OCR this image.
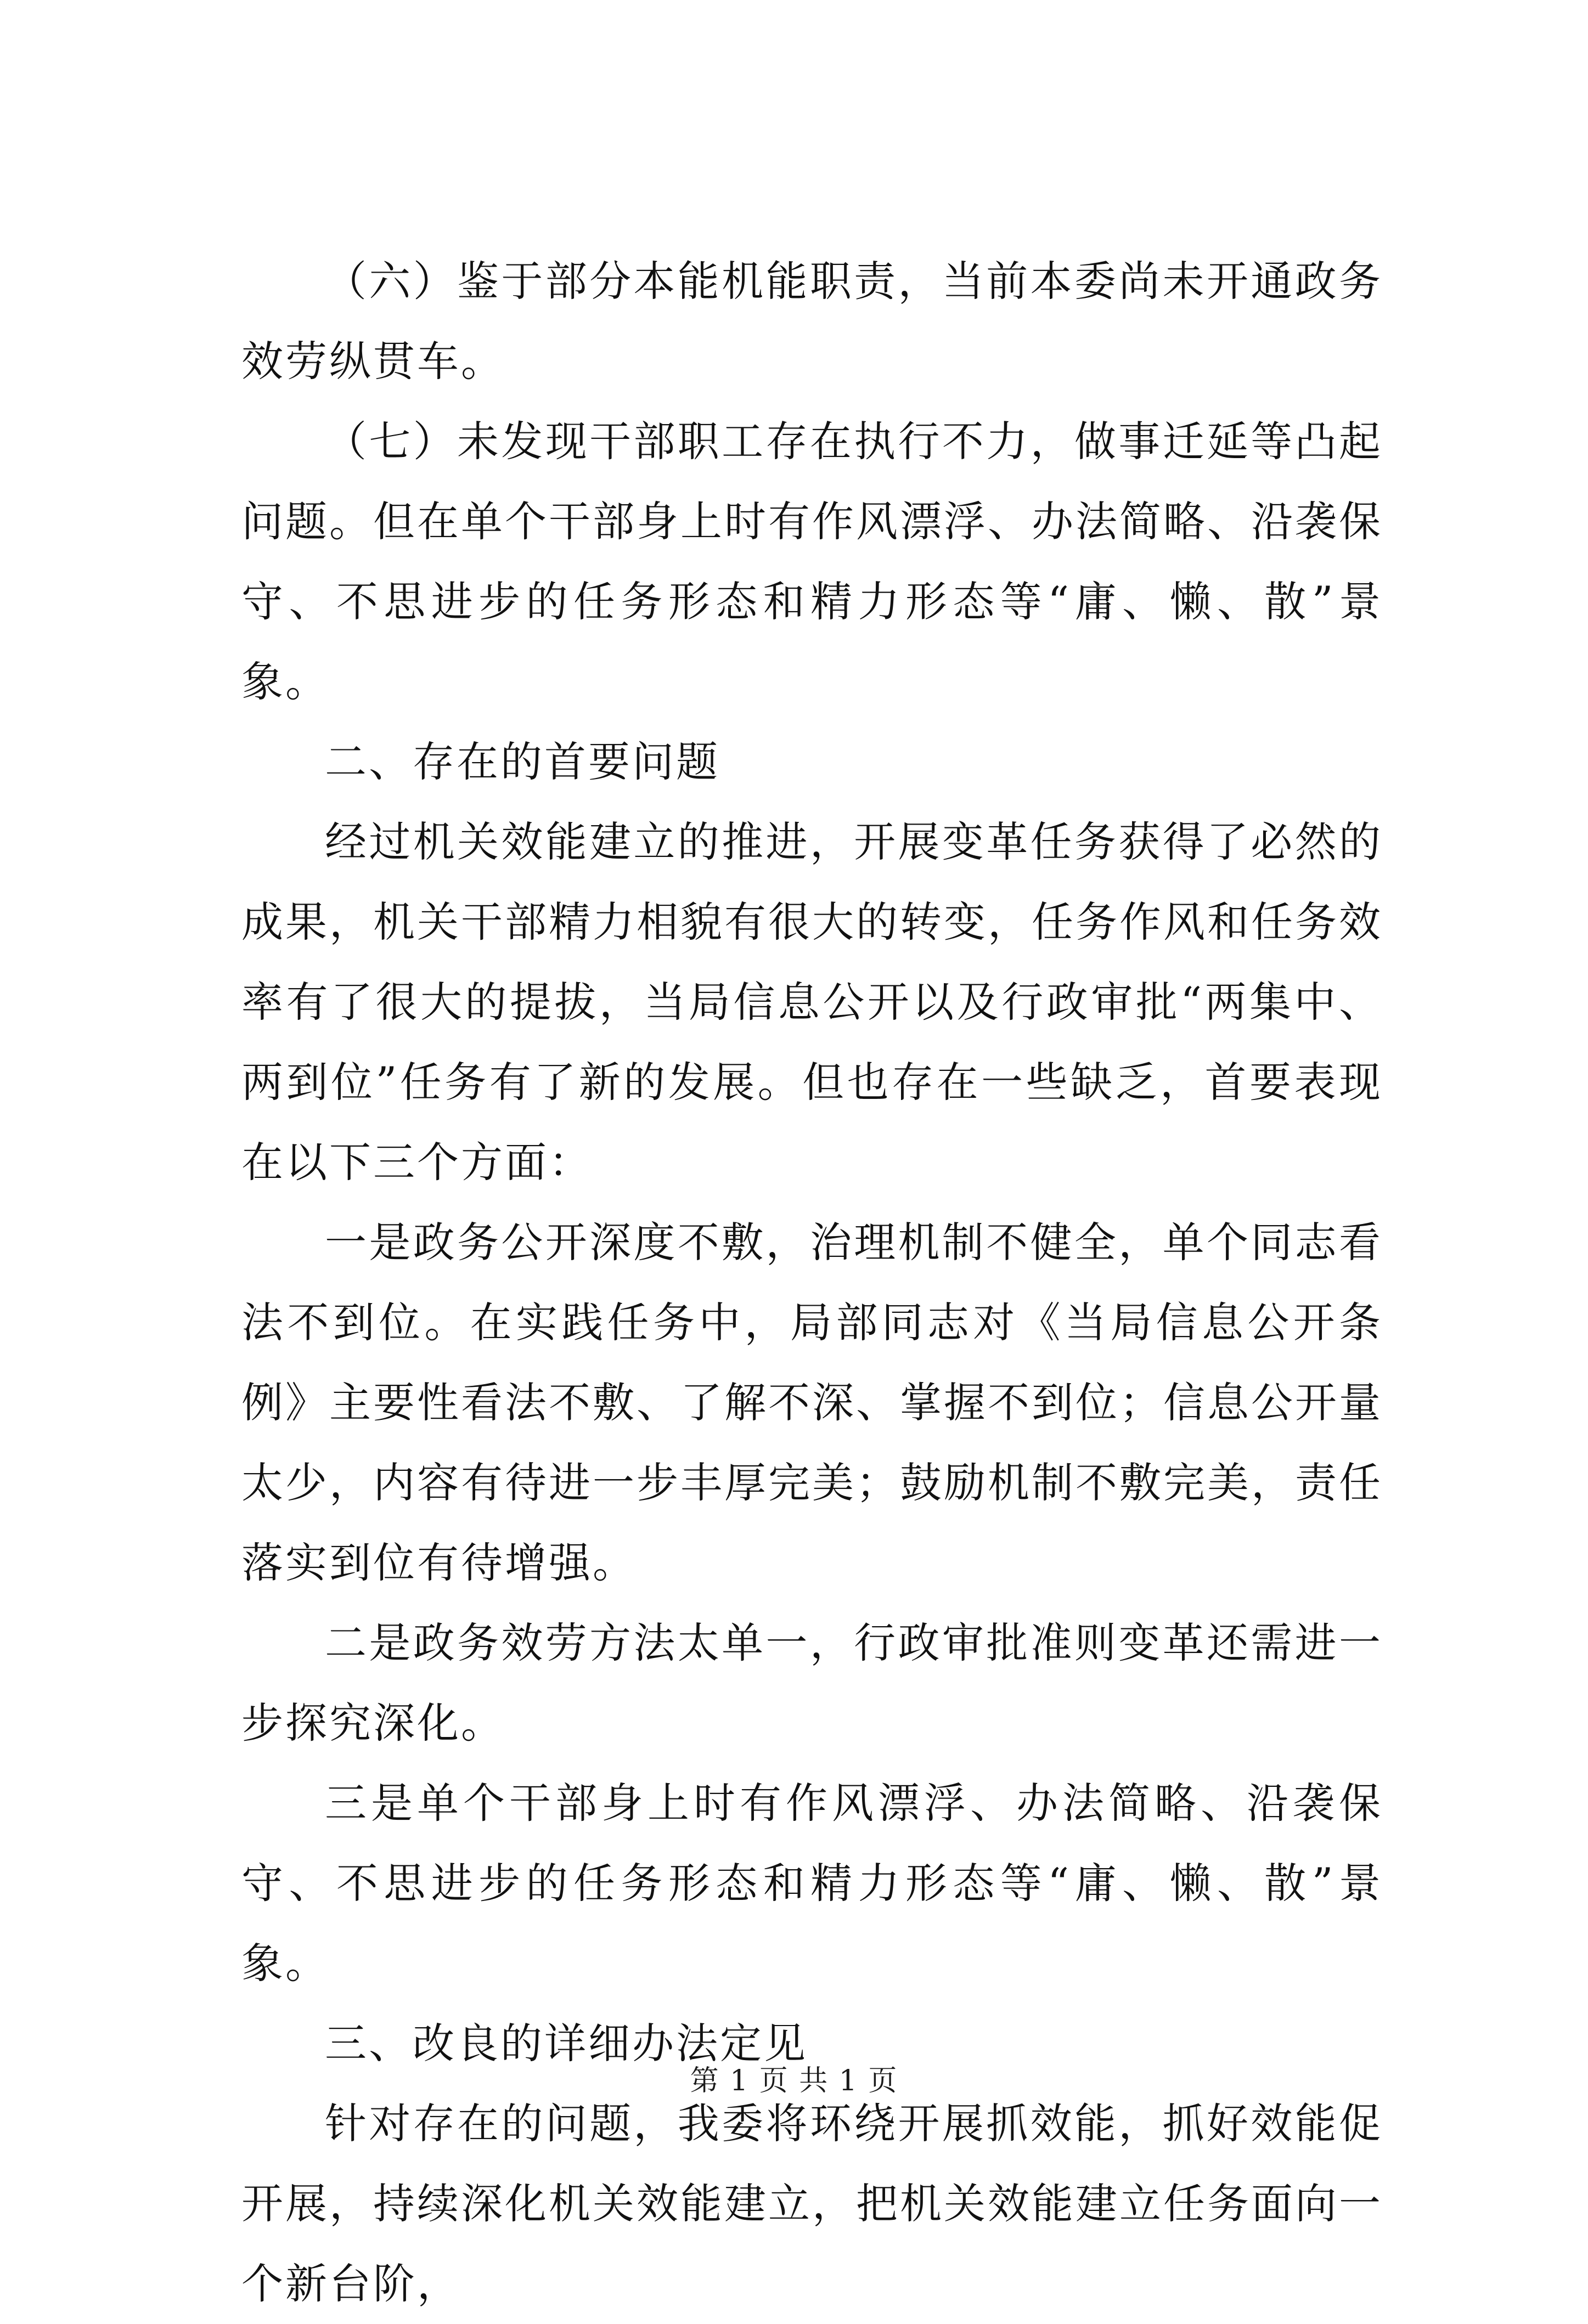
（六）鉴于部分本能机能职责，当前本委尚未开通政务效劳纵贯车。

（七）未发现干部职工存在执行不力，做事迁延等凸起问题。但在单个干部身上时有作风漂浮、办法简略、沿袭保守、不思进步的任务形态和精力形态等“庸、懒、散”景象。

二、存在的首要问题

经过机关效能建立的推进，开展变革任务获得了必然的成果，机关干部精力相貌有很大的转变，任务作风和任务效率有了很大的提拔，当局信息公开以及行政审批“两集中、两到位”任务有了新的发展。但也存在一些缺乏，首要表现在以下三个方面：

一是政务公开深度不敷，治理机制不健全，单个同志看法不到位。在实践任务中，局部同志对《当局信息公开条例》主要性看法不敷、了解不深、掌握不到位；信息公开量太少，内容有待进一步丰厚完美；鼓励机制不敷完美，责任落实到位有待增强。

二是政务效劳方法太单一，行政审批准则变革还需进一步探究深化。

三是单个干部身上时有作风漂浮、办法简略、沿袭保守、不思进步的任务形态和精力形态等“庸、懒、散”景象。

三、改良的详细办法定见

针对存在的问题，我委将环绕开展抓效能，抓好效能促开展，持续深化机关效能建立，把机关效能建立任务面向一个新台阶，

第 1 页 共 1 页
